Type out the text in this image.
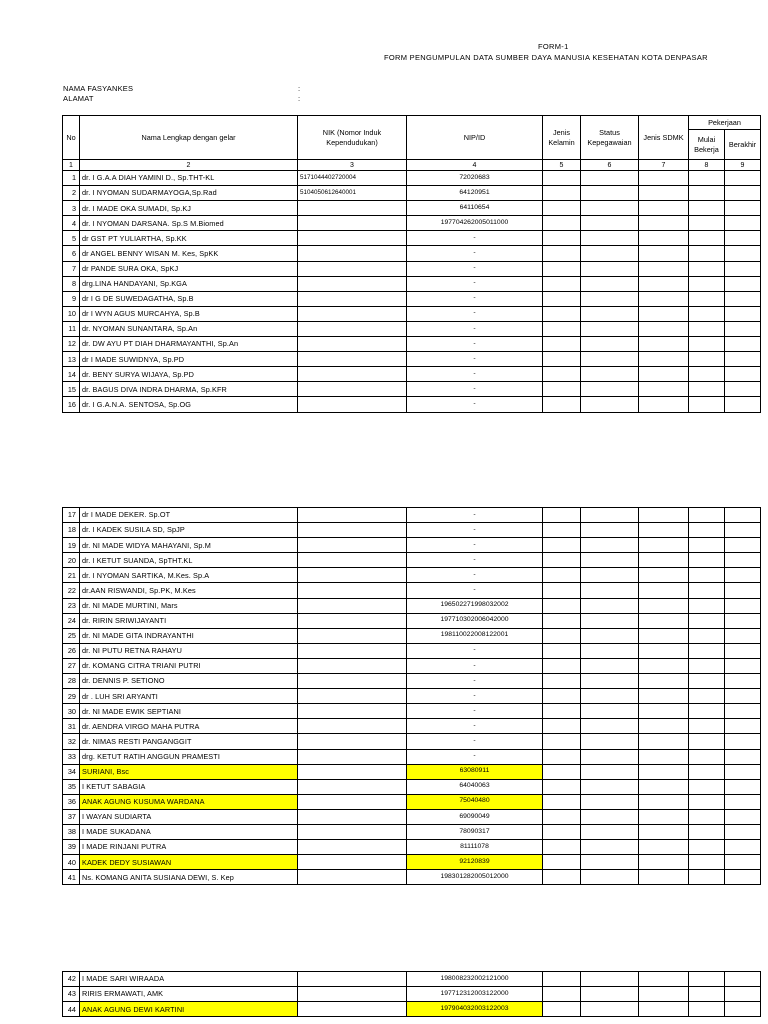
FORM-1
FORM PENGUMPULAN DATA SUMBER DAYA MANUSIA KESEHATAN KOTA DENPASAR
NAMA FASYANKES	:
ALAMAT	:
No	Nama Lengkap dengan gelar	NIK (Nomor Induk Kependudukan)	NIP/ID	Jenis Kelamin	Status Kepegawaian	Jenis SDMK	Pekerjaan	
							Mulai Bekerja	Berakhir
1	2	3	4	5	6	7	8	9
1	dr. I G.A.A DIAH YAMINI D., Sp.THT-KL	5171044402720004	72020683					
2	dr. I NYOMAN SUDARMAYOGA,Sp.Rad	5104050612640001	64120951					
3	dr. I MADE OKA SUMADI, Sp.KJ		64110654					
4	dr. I NYOMAN DARSANA. Sp.S M.Biomed		197704262005011000					
5	dr GST PT YULIARTHA, Sp.KK		-					
6	dr ANGEL BENNY WISAN M. Kes, SpKK		-					
7	dr PANDE SURA OKA, SpKJ		-					
8	drg.LINA HANDAYANI, Sp.KGA		-					
9	dr I G DE SUWEDAGATHA, Sp.B		-					
10	dr I WYN AGUS MURCAHYA, Sp.B		-					
11	dr. NYOMAN SUNANTARA, Sp.An		-					
12	dr. DW AYU PT DIAH DHARMAYANTHI, Sp.An		-					
13	dr I MADE SUWIDNYA, Sp.PD		-					
14	dr. BENY SURYA WIJAYA, Sp.PD		-					
15	dr. BAGUS DIVA INDRA DHARMA, Sp.KFR		-					
16	dr. I G.A.N.A. SENTOSA, Sp.OG		-					
17	dr I MADE DEKER. Sp.OT		-					
18	dr. I KADEK SUSILA SD, SpJP		-					
19	dr. NI MADE WIDYA MAHAYANI, Sp.M		-					
20	dr. I KETUT SUANDA, SpTHT.KL		-					
21	dr. I NYOMAN SARTIKA, M.Kes. Sp.A		-					
22	dr.AAN RISWANDI, Sp.PK, M.Kes		-					
23	dr. NI MADE MURTINI, Mars		196502271998032002					
24	dr. RIRIN SRIWIJAYANTI		197710302006042000					
25	dr. NI MADE GITA INDRAYANTHI		198110022008122001					
26	dr. NI PUTU RETNA RAHAYU		-					
27	dr. KOMANG CITRA TRIANI PUTRI		-					
28	dr. DENNIS P. SETIONO		-					
29	dr . LUH SRI ARYANTI		-					
30	dr. NI MADE EWIK SEPTIANI		-					
31	dr. AENDRA VIRGO MAHA PUTRA		-					
32	dr. NIMAS RESTI PANGANGGIT		-					
33	drg. KETUT RATIH ANGGUN PRAMESTI		-					
34	SURIANI, Bsc		63080911					
35	I KETUT SABAGIA		64040063					
36	ANAK AGUNG KUSUMA WARDANA		75040480					
37	I WAYAN SUDIARTA		69090049					
38	I MADE SUKADANA		78090317					
39	I MADE RINJANI PUTRA		81111078					
40	KADEK DEDY SUSIAWAN		92120839					
41	Ns. KOMANG ANITA SUSIANA DEWI, S. Kep		198301282005012000					
42	I MADE SARI WIRAADA		198008232002121000					
43	RIRIS ERMAWATI, AMK		197712312003122000					
44	ANAK AGUNG DEWI KARTINI		197904032003122003					
